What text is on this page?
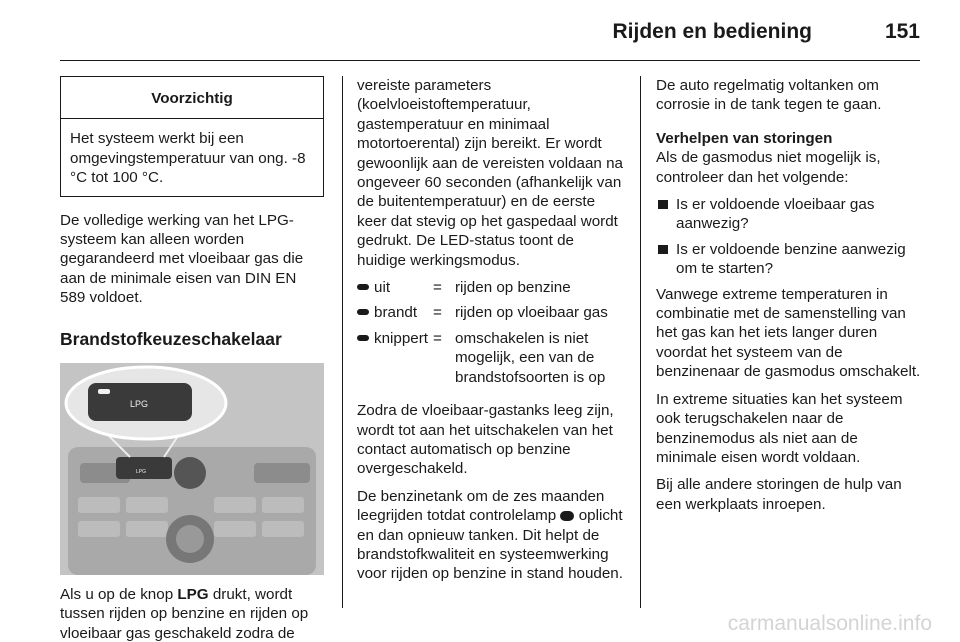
Rijden en bediening	151
Voorzichtig
Het systeem werkt bij een omgevingstemperatuur van ong. -8 °C tot 100 °C.

De volledige werking van het LPG-systeem kan alleen worden gegarandeerd met vloeibaar gas die aan de minimale eisen van DIN EN 589 voldoet.

Brandstofkeuzeschakelaar
LPG
LPG

Als u op de knop LPG drukt, wordt tussen rijden op benzine en rijden op vloeibaar gas geschakeld zodra de

vereiste parameters (koelvloeistoftemperatuur, gastemperatuur en minimaal motortoerental) zijn bereikt. Er wordt gewoonlijk aan de vereisten voldaan na ongeveer 60 seconden (afhankelijk van de buitentemperatuur) en de eerste keer dat stevig op het gaspedaal wordt gedrukt. De LED-status toont de huidige werkingsmodus.

uit	= rijden op benzine
brandt = rijden op vloeibaar gas
knippert = omschakelen is niet mogelijk, een van de brandstofsoorten is op

Zodra de vloeibaar-gastanks leeg zijn, wordt tot aan het uitschakelen van het contact automatisch op benzine overgeschakeld.

De benzinetank om de zes maanden leegrijden totdat controlelamp  oplicht en dan opnieuw tanken. Dit helpt de brandstofkwaliteit en systeemwerking voor rijden op benzine in stand houden.

De auto regelmatig voltanken om corrosie in de tank tegen te gaan.

Verhelpen van storingen

Als de gasmodus niet mogelijk is, controleer dan het volgende:

Is er voldoende vloeibaar gas aanwezig?
Is er voldoende benzine aanwezig om te starten?

Vanwege extreme temperaturen in combinatie met de samenstelling van het gas kan het iets langer duren voordat het systeem van de benzinenaar de gasmodus omschakelt.

In extreme situaties kan het systeem ook terugschakelen naar de benzinemodus als niet aan de minimale eisen wordt voldaan.

Bij alle andere storingen de hulp van een werkplaats inroepen.

carmanualsonline.info
